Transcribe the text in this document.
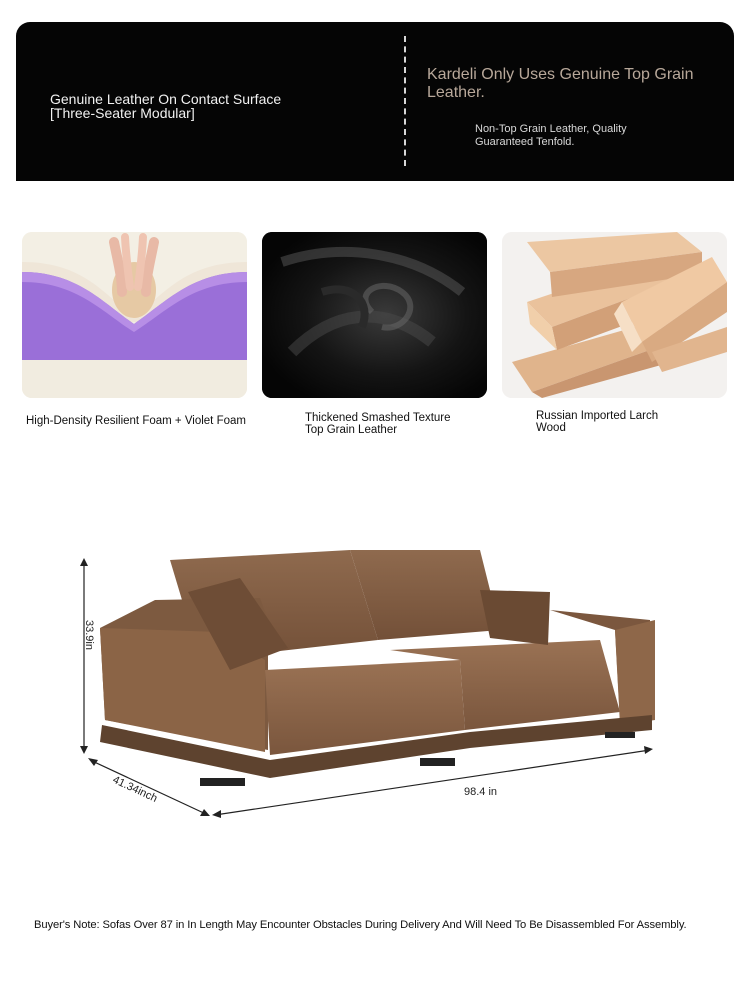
Genuine Leather On Contact Surface
[Three-Seater Modular]
Kardeli Only Uses Genuine Top Grain Leather.
Non-Top Grain Leather, Quality
Guaranteed Tenfold.
High-Density Resilient Foam + Violet Foam	Thickened Smashed Texture
Top Grain Leather
Russian Imported Larch
Wood
33.9in
41.34inch	98.4 in
Buyer's Note: Sofas Over 87 in In Length May Encounter Obstacles During Delivery And Will Need To Be Disassembled For Assembly.
